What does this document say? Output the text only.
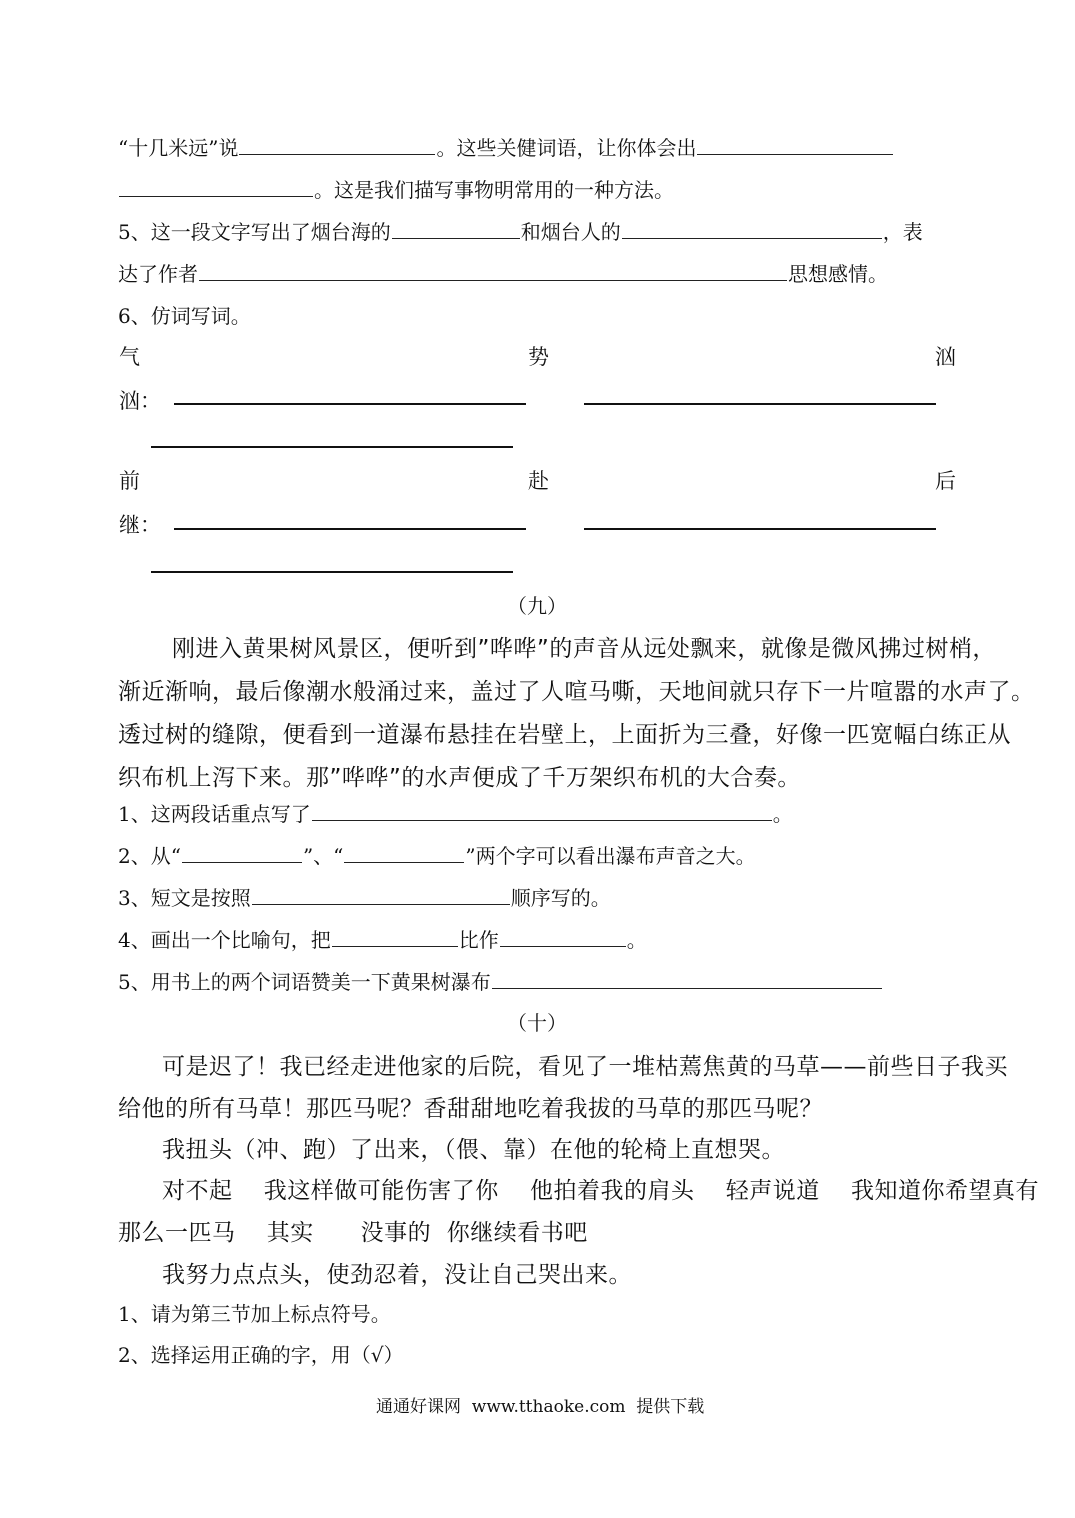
“十几米远”说	。这些关健词语，让你体会出
。这是我们描写事物明常用的一种方法。
5、这一段文字写出了烟台海的	和烟台人的	，表
达了作者	思想感情。
6、仿词写词。
气	势	汹
汹：
前	赴	后
继：
（九）
刚进入黄果树风景区，便听到”哗哗”的声音从远处飘来，就像是微风拂过树梢，
渐近渐响，最后像潮水般涌过来，盖过了人喧马嘶，天地间就只存下一片喧嚣的水声了。
透过树的缝隙，便看到一道瀑布悬挂在岩壁上，上面折为三叠，好像一匹宽幅白练正从
织布机上泻下来。那”哗哗”的水声便成了千万架织布机的大合奏。
1、这两段话重点写了	。
2、从“	”、“	”两个字可以看出瀑布声音之大。
3、短文是按照	顺序写的。
4、画出一个比喻句，把	比作	。
5、用书上的两个词语赞美一下黄果树瀑布
（十）
可是迟了！我已经走进他家的后院，看见了一堆枯蔫焦黄的马草——前些日子我买
给他的所有马草！那匹马呢？香甜甜地吃着我拔的马草的那匹马呢？
我扭头（冲、跑）了出来，（偎、靠）在他的轮椅上直想哭。
对不起    我这样做可能伤害了你    他拍着我的肩头    轻声说道    我知道你希望真有
那么一匹马    其实      没事的  你继续看书吧
我努力点点头，使劲忍着，没让自己哭出来。
1、请为第三节加上标点符号。
2、选择运用正确的字，用（√）
通通好课网  www.tthaoke.com  提供下载
